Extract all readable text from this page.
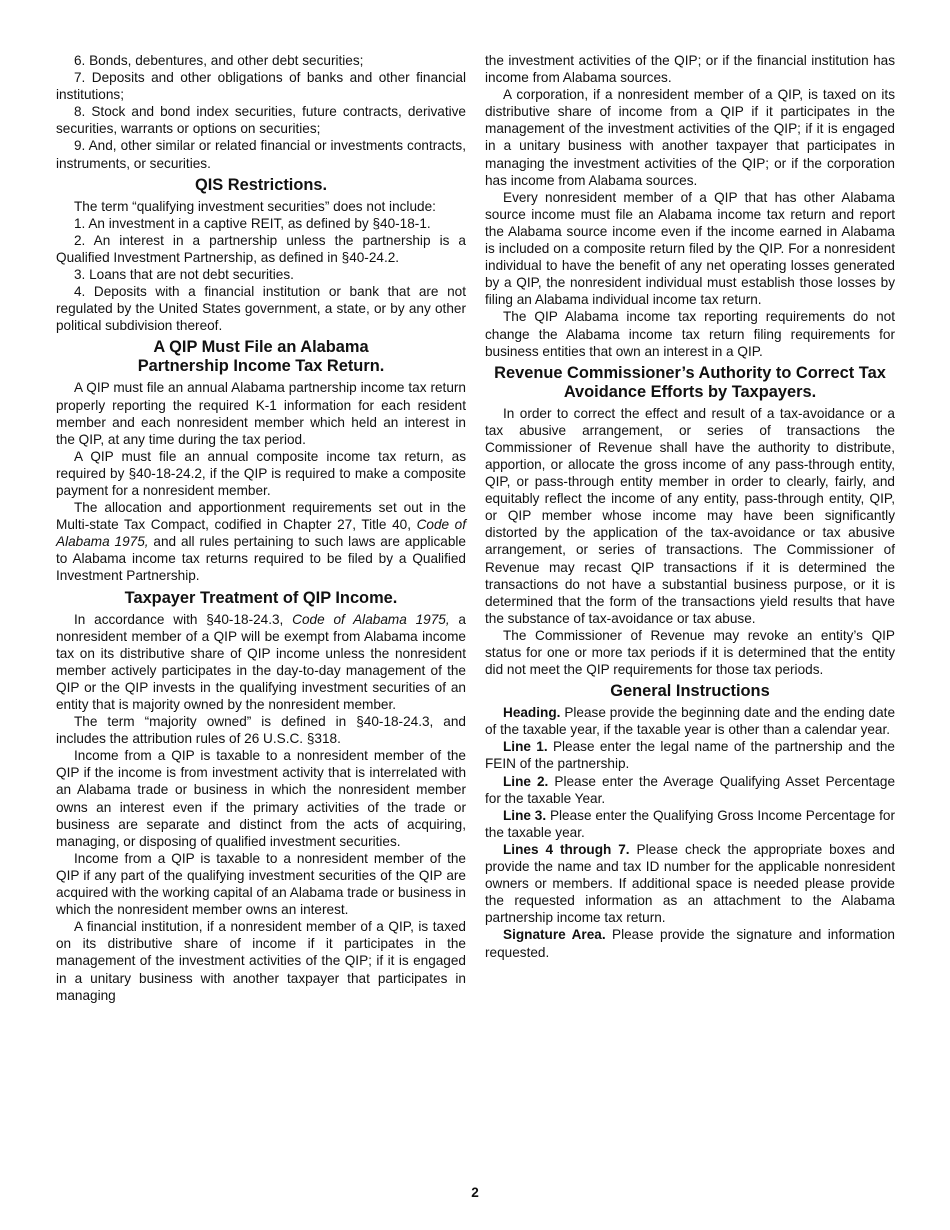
6. Bonds, debentures, and other debt securities;

7. Deposits and other obligations of banks and other financial institutions;

8. Stock and bond index securities, future contracts, derivative securities, warrants or options on securities;

9. And, other similar or related financial or investments contracts, instruments, or securities.

QIS Restrictions.

The term “qualifying investment securities” does not include:

1. An investment in a captive REIT, as defined by §40-18-1.

2. An interest in a partnership unless the partnership is a Qualified Investment Partnership, as defined in §40-24.2.

3. Loans that are not debt securities.

4. Deposits with a financial institution or bank that are not regulated by the United States government, a state, or by any other political subdivision thereof.

A QIP Must File an Alabama
Partnership Income Tax Return.

A QIP must file an annual Alabama partnership income tax return properly reporting the required K-1 information for each resident member and each nonresident member which held an interest in the QIP, at any time during the tax period.

A QIP must file an annual composite income tax return, as required by §40-18-24.2, if the QIP is required to make a composite payment for a nonresident member.

The allocation and apportionment requirements set out in the Multi-state Tax Compact, codified in Chapter 27, Title 40, Code of Alabama 1975, and all rules pertaining to such laws are applicable to Alabama income tax returns required to be filed by a Qualified Investment Partnership.

Taxpayer Treatment of QIP Income.

In accordance with §40-18-24.3, Code of Alabama 1975, a nonresident member of a QIP will be exempt from Alabama income tax on its distributive share of QIP income unless the nonresident member actively participates in the day-to-day management of the QIP or the QIP invests in the qualifying investment securities of an entity that is majority owned by the nonresident member.

The term “majority owned” is defined in §40-18-24.3, and includes the attribution rules of 26 U.S.C. §318.

Income from a QIP is taxable to a nonresident member of the QIP if the income is from investment activity that is interrelated with an Alabama trade or business in which the nonresident member owns an interest even if the primary activities of the trade or business are separate and distinct from the acts of acquiring, managing, or disposing of qualified investment securities.

Income from a QIP is taxable to a nonresident member of the QIP if any part of the qualifying investment securities of the QIP are acquired with the working capital of an Alabama trade or business in which the nonresident member owns an interest.

A financial institution, if a nonresident member of a QIP, is taxed on its distributive share of income if it participates in the management of the investment activities of the QIP; if it is engaged in a unitary business with another taxpayer that participates in managing

the investment activities of the QIP; or if the financial institution has income from Alabama sources.

A corporation, if a nonresident member of a QIP, is taxed on its distributive share of income from a QIP if it participates in the management of the investment activities of the QIP; if it is engaged in a unitary business with another taxpayer that participates in managing the investment activities of the QIP; or if the corporation has income from Alabama sources.

Every nonresident member of a QIP that has other Alabama source income must file an Alabama income tax return and report the Alabama source income even if the income earned in Alabama is included on a composite return filed by the QIP. For a nonresident individual to have the benefit of any net operating losses generated by a QIP, the nonresident individual must establish those losses by filing an Alabama individual income tax return.

The QIP Alabama income tax reporting requirements do not change the Alabama income tax return filing requirements for business entities that own an interest in a QIP.

Revenue Commissioner’s Authority to Correct Tax
Avoidance Efforts by Taxpayers.

In order to correct the effect and result of a tax-avoidance or a tax abusive arrangement, or series of transactions the Commissioner of Revenue shall have the authority to distribute, apportion, or allocate the gross income of any pass-through entity, QIP, or pass-through entity member in order to clearly, fairly, and equitably reflect the income of any entity, pass-through entity, QIP, or QIP member whose income may have been significantly distorted by the application of the tax-avoidance or tax abusive arrangement, or series of transactions. The Commissioner of Revenue may recast QIP transactions if it is determined the transactions do not have a substantial business purpose, or it is determined that the form of the transactions yield results that have the substance of tax-avoidance or tax abuse.

The Commissioner of Revenue may revoke an entity’s QIP status for one or more tax periods if it is determined that the entity did not meet the QIP requirements for those tax periods.

General Instructions

Heading. Please provide the beginning date and the ending date of the taxable year, if the taxable year is other than a calendar year.

Line 1. Please enter the legal name of the partnership and the FEIN of the partnership.

Line 2. Please enter the Average Qualifying Asset Percentage for the taxable Year.

Line 3. Please enter the Qualifying Gross Income Percentage for the taxable year.

Lines 4 through 7. Please check the appropriate boxes and provide the name and tax ID number for the applicable nonresident owners or members. If additional space is needed please provide the requested information as an attachment to the Alabama partnership income tax return.

Signature Area. Please provide the signature and information requested.

2
